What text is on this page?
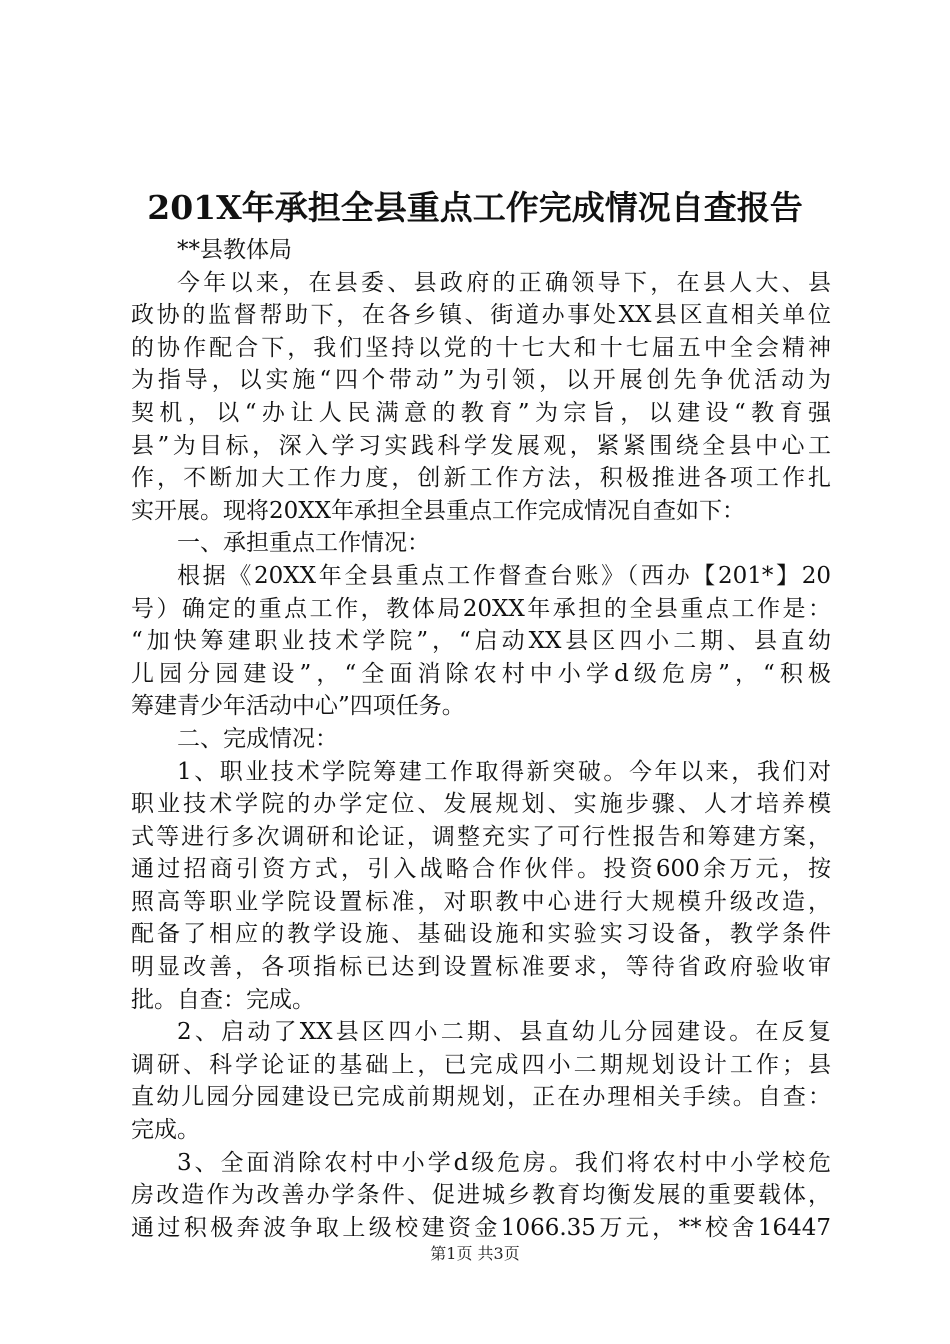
201X年承担全县重点工作完成情况自查报告
**县教体局
今年以来，在县委、县政府的正确领导下，在县人大、县
政协的监督帮助下，在各乡镇、街道办事处XX县区直相关单位
的协作配合下，我们坚持以党的十七大和十七届五中全会精神
为指导，以实施“四个带动”为引领，以开展创先争优活动为
契机，以“办让人民满意的教育”为宗旨，以建设“教育强
县”为目标，深入学习实践科学发展观，紧紧围绕全县中心工
作，不断加大工作力度，创新工作方法，积极推进各项工作扎
实开展。现将20XX年承担全县重点工作完成情况自查如下：
一、承担重点工作情况：
根据《20XX年全县重点工作督查台账》（西办【201*】20
号）确定的重点工作，教体局20XX年承担的全县重点工作是：
“加快筹建职业技术学院”，“启动XX县区四小二期、县直幼
儿园分园建设”，“全面消除农村中小学d级危房”，“积极
筹建青少年活动中心”四项任务。
二、完成情况：
1、职业技术学院筹建工作取得新突破。今年以来，我们对
职业技术学院的办学定位、发展规划、实施步骤、人才培养模
式等进行多次调研和论证，调整充实了可行性报告和筹建方案，
通过招商引资方式，引入战略合作伙伴。投资600余万元，按
照高等职业学院设置标准，对职教中心进行大规模升级改造，
配备了相应的教学设施、基础设施和实验实习设备，教学条件
明显改善，各项指标已达到设置标准要求，等待省政府验收审
批。自查：完成。
2、启动了XX县区四小二期、县直幼儿分园建设。在反复
调研、科学论证的基础上，已完成四小二期规划设计工作；县
直幼儿园分园建设已完成前期规划，正在办理相关手续。自查：
完成。
3、全面消除农村中小学d级危房。我们将农村中小学校危
房改造作为改善办学条件、促进城乡教育均衡发展的重要载体，
通过积极奔波争取上级校建资金1066.35万元，**校舍16447
第1页 共3页
